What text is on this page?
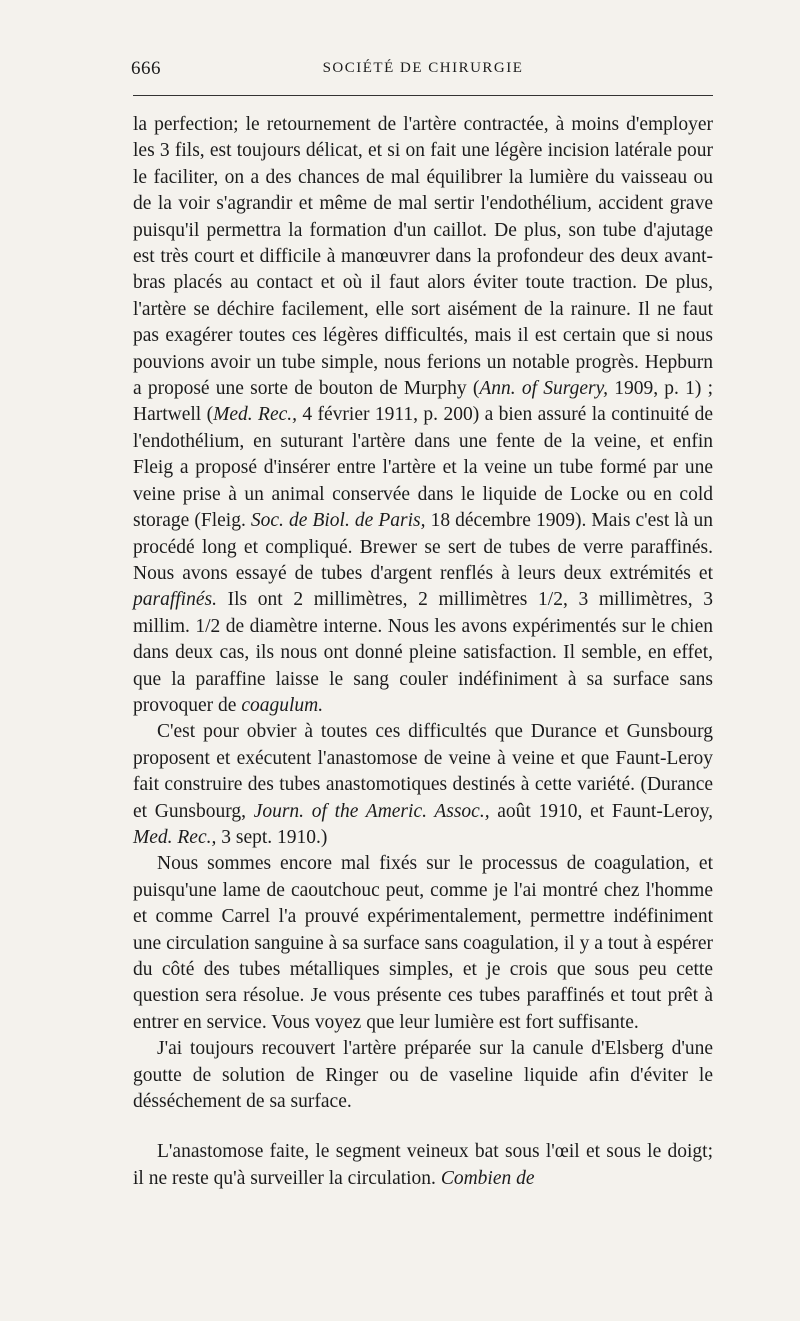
666	SOCIÉTÉ DE CHIRURGIE

la perfection; le retournement de l'artère contractée, à moins d'employer les 3 fils, est toujours délicat, et si on fait une légère incision latérale pour le faciliter, on a des chances de mal équilibrer la lumière du vaisseau ou de la voir s'agrandir et même de mal sertir l'endothélium, accident grave puisqu'il permettra la formation d'un caillot. De plus, son tube d'ajutage est très court et difficile à manœuvrer dans la profondeur des deux avant-bras placés au contact et où il faut alors éviter toute traction. De plus, l'artère se déchire facilement, elle sort aisément de la rainure. Il ne faut pas exagérer toutes ces légères difficultés, mais il est certain que si nous pouvions avoir un tube simple, nous ferions un notable progrès. Hepburn a proposé une sorte de bouton de Murphy (Ann. of Surgery, 1909, p. 1) ; Hartwell (Med. Rec., 4 février 1911, p. 200) a bien assuré la continuité de l'endothélium, en suturant l'artère dans une fente de la veine, et enfin Fleig a proposé d'insérer entre l'artère et la veine un tube formé par une veine prise à un animal conservée dans le liquide de Locke ou en cold storage (Fleig. Soc. de Biol. de Paris, 18 décembre 1909). Mais c'est là un procédé long et compliqué. Brewer se sert de tubes de verre paraffinés. Nous avons essayé de tubes d'argent renflés à leurs deux extrémités et paraffinés. Ils ont 2 millimètres, 2 millimètres 1/2, 3 millimètres, 3 millim. 1/2 de diamètre interne. Nous les avons expérimentés sur le chien dans deux cas, ils nous ont donné pleine satisfaction. Il semble, en effet, que la paraffine laisse le sang couler indéfiniment à sa surface sans provoquer de coagulum.

C'est pour obvier à toutes ces difficultés que Durance et Gunsbourg proposent et exécutent l'anastomose de veine à veine et que Faunt-Leroy fait construire des tubes anastomotiques destinés à cette variété. (Durance et Gunsbourg, Journ. of the Americ. Assoc., août 1910, et Faunt-Leroy, Med. Rec., 3 sept. 1910.)

Nous sommes encore mal fixés sur le processus de coagulation, et puisqu'une lame de caoutchouc peut, comme je l'ai montré chez l'homme et comme Carrel l'a prouvé expérimentalement, permettre indéfiniment une circulation sanguine à sa surface sans coagulation, il y a tout à espérer du côté des tubes métalliques simples, et je crois que sous peu cette question sera résolue. Je vous présente ces tubes paraffinés et tout prêt à entrer en service. Vous voyez que leur lumière est fort suffisante.

J'ai toujours recouvert l'artère préparée sur la canule d'Elsberg d'une goutte de solution de Ringer ou de vaseline liquide afin d'éviter le désséchement de sa surface.

L'anastomose faite, le segment veineux bat sous l'œil et sous le doigt; il ne reste qu'à surveiller la circulation. Combien de
